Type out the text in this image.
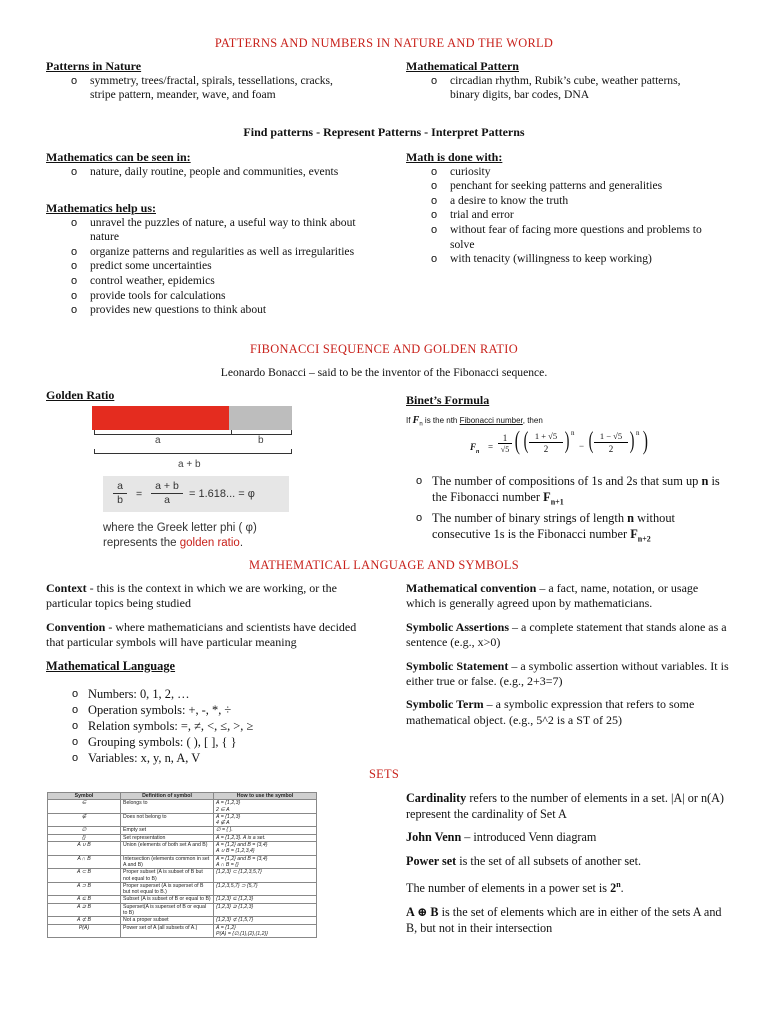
PATTERNS AND NUMBERS IN NATURE AND THE WORLD
Patterns in Nature
o symmetry, trees/fractal, spirals, tessellations, cracks, stripe pattern, meander, wave, and foam
Mathematical Pattern
o circadian rhythm, Rubik’s cube, weather patterns, binary digits, bar codes, DNA
Find patterns - Represent Patterns - Interpret Patterns
Mathematics can be seen in:
o nature, daily routine, people and communities, events
Mathematics help us:
o unravel the puzzles of nature, a useful way to think about nature
o organize patterns and regularities as well as irregularities
o predict some uncertainties
o control weather, epidemics
o provide tools for calculations
o provides new questions to think about
Math is done with:
o curiosity
o penchant for seeking patterns and generalities
o a desire to know the truth
o trial and error
o without fear of facing more questions and problems to solve
o with tenacity (willingness to keep working)
FIBONACCI SEQUENCE AND GOLDEN RATIO
Leonardo Bonacci – said to be the inventor of the Fibonacci sequence.
Golden Ratio
a	b
a + b
a
b	=
a + b
a	= 1.618... = φ
where the Greek letter phi ( φ)
represents the golden ratio.
Binet’s Formula
If $F_n$ is the nth Fibonacci number, then
$F_n$ =
1
√5 ( ( 1 + √5
2 ) n
− ( 1 − √5
2 ) n )
o The number of compositions of 1s and 2s that sum up n is the Fibonacci number $F_{n+1}$
o The number of binary strings of length n without consecutive 1s is the Fibonacci number $F_{n+2}$
MATHEMATICAL LANGUAGE AND SYMBOLS

Context - this is the context in which we are working, or the particular topics being studied

Convention - where mathematicians and scientists have decided that particular symbols will have particular meaning

Mathematical Language
o Numbers: 0, 1, 2, …
o Operation symbols: +, -, *, ÷
o Relation symbols: =, ≠, <, ≤, >, ≥
o Grouping symbols: ( ), [ ], { }
o Variables: x, y, n, A, V

Mathematical convention – a fact, name, notation, or usage which is generally agreed upon by mathematicians.

Symbolic Assertions – a complete statement that stands alone as a sentence (e.g., x>0)

Symbolic Statement – a symbolic assertion without variables. It is either true or false. (e.g., 2+3=7)

Symbolic Term – a symbolic expression that refers to some mathematical object. (e.g., 5^2 is a ST of 25)

SETS
Symbol	Definition of symbol	How to use the symbol
∈	Belongs to	A = {1,2,3}
2 ∈ A
∉	Does not belong to	A = {1,2,3}
4 ∉ A
∅	Empty set	∅ = { }.
{}	Set representation	A = {1,2,3}. A is a set.
A ∪ B	Union (elements of both set A and B)	A = {1,2} and B = {3,4}
A ∪ B = {1,2,3,4}
A ∩ B	Intersection (elements common in set A and B)	A = {1,2} and B = {3,4}
A ∩ B = {}
A ⊂ B	Proper subset (A is subset of B but not equal to B)	{1,2,3} ⊂ {1,2,3,5,7}
A ⊃ B	Proper superset (A is superset of B but not equal to B.)	{1,2,3,5,7} ⊃ {5,7}
A ⊆ B	Subset (A is subset of B or equal to B)	{1,2,3} ⊆ {1,2,3}
A ⊇ B	Superset(A is superset of B or equal to B)	{1,2,3} ⊇ {1,2,3}
A ⊄ B	Not a proper subset	{1,2,3} ⊄ {1,5,7}
P(A)	Power set of A (all subsets of A.)	A = {1,2}
P(A) = {∅,{1},{2},{1,2}}

Cardinality refers to the number of elements in a set. |A| or n(A) represent the cardinality of Set A

John Venn – introduced Venn diagram

Power set is the set of all subsets of another set.

The number of elements in a power set is 2$^n$.

A ⊕ B is the set of elements which are in either of the sets A and B, but not in their intersection
